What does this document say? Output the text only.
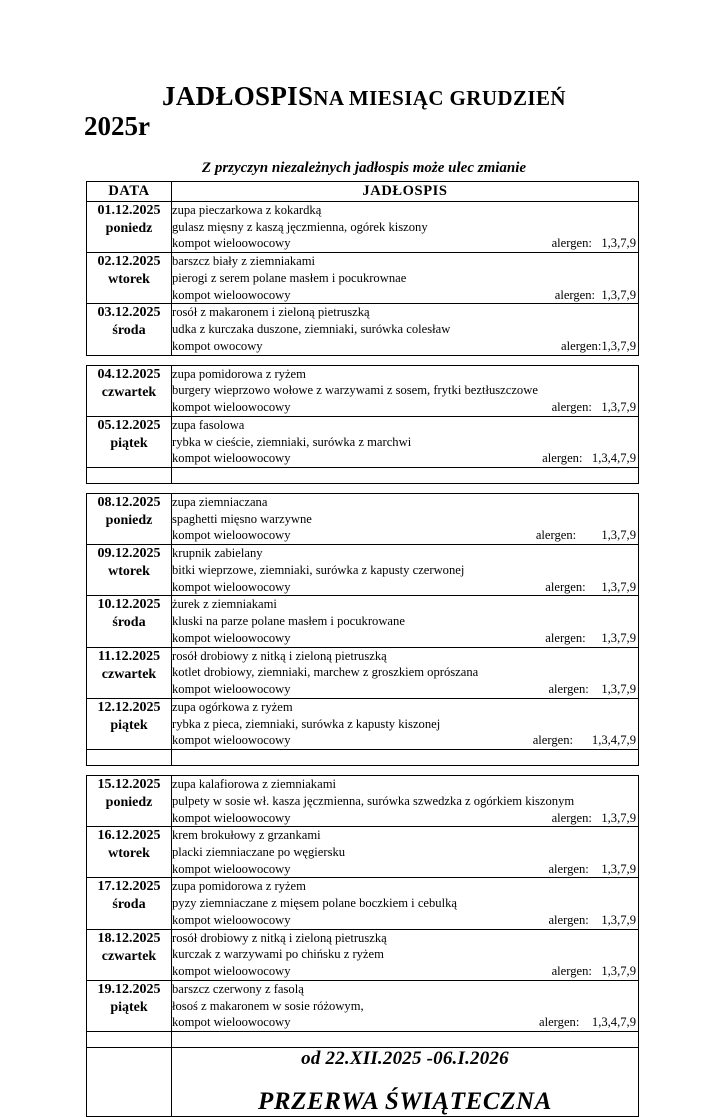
JADŁOSPISNA MIESIĄC GRUDZIEŃ
2025r
Z przyczyn niezależnych jadłospis może ulec zmianie
DATA	JADŁOSPIS
01.12.2025
poniedz	zupa pieczarkowa z kokardką
gulasz mięsny z kaszą jęczmienna, ogórek kiszony
kompot wieloowocowy alergen:   1,3,7,9

02.12.2025
wtorek	barszcz biały z ziemniakami
pierogi z serem polane masłem i pocukrownae
kompot wieloowocowy alergen:  1,3,7,9

03.12.2025
środa	rosół z makaronem i zieloną pietruszką
udka z kurczaka duszone, ziemniaki, surówka colesław
kompot owocowy alergen:1,3,7,9

04.12.2025
czwartek	zupa pomidorowa z ryżem
burgery wieprzowo wołowe z warzywami z sosem, frytki beztłuszczowe
kompot wieloowocowy alergen:   1,3,7,9

05.12.2025
piątek	zupa fasolowa
rybka w cieście, ziemniaki, surówka z marchwi
kompot wieloowocowy alergen:   1,3,4,7,9

08.12.2025
poniedz	zupa ziemniaczana
spaghetti mięsno warzywne
kompot wieloowocowy alergen:        1,3,7,9

09.12.2025
wtorek	krupnik zabielany
bitki wieprzowe, ziemniaki, surówka z kapusty czerwonej
kompot wieloowocowy alergen:     1,3,7,9

10.12.2025
środa	żurek z ziemniakami
kluski na parze polane masłem i pocukrowane
kompot wieloowocowy alergen:     1,3,7,9

11.12.2025
czwartek	rosół drobiowy z nitką i zieloną pietruszką
kotlet drobiowy, ziemniaki, marchew z groszkiem oprószana
kompot wieloowocowy alergen:    1,3,7,9

12.12.2025
piątek	zupa ogórkowa z ryżem
rybka z pieca, ziemniaki, surówka z kapusty kiszonej
kompot wieloowocowy alergen:      1,3,4,7,9

15.12.2025
poniedz	zupa kalafiorowa z ziemniakami
pulpety w sosie wł. kasza jęczmienna, surówka szwedzka z ogórkiem kiszonym
kompot wieloowocowy alergen:   1,3,7,9

16.12.2025
wtorek	krem brokułowy z grzankami
placki ziemniaczane po węgiersku
kompot wieloowocowy alergen:    1,3,7,9

17.12.2025
środa	zupa pomidorowa z ryżem
pyzy ziemniaczane z mięsem polane boczkiem i cebulką
kompot wieloowocowy alergen:    1,3,7,9

18.12.2025
czwartek	rosół drobiowy z nitką i zieloną pietruszką
kurczak z warzywami po chińsku z ryżem
kompot wieloowocowy alergen:   1,3,7,9

19.12.2025
piątek	barszcz czerwony z fasolą
łosoś z makaronem w sosie różowym,
kompot wieloowocowy alergen:    1,3,4,7,9

	od 22.XII.2025 -06.I.2026
PRZERWA ŚWIĄTECZNA
